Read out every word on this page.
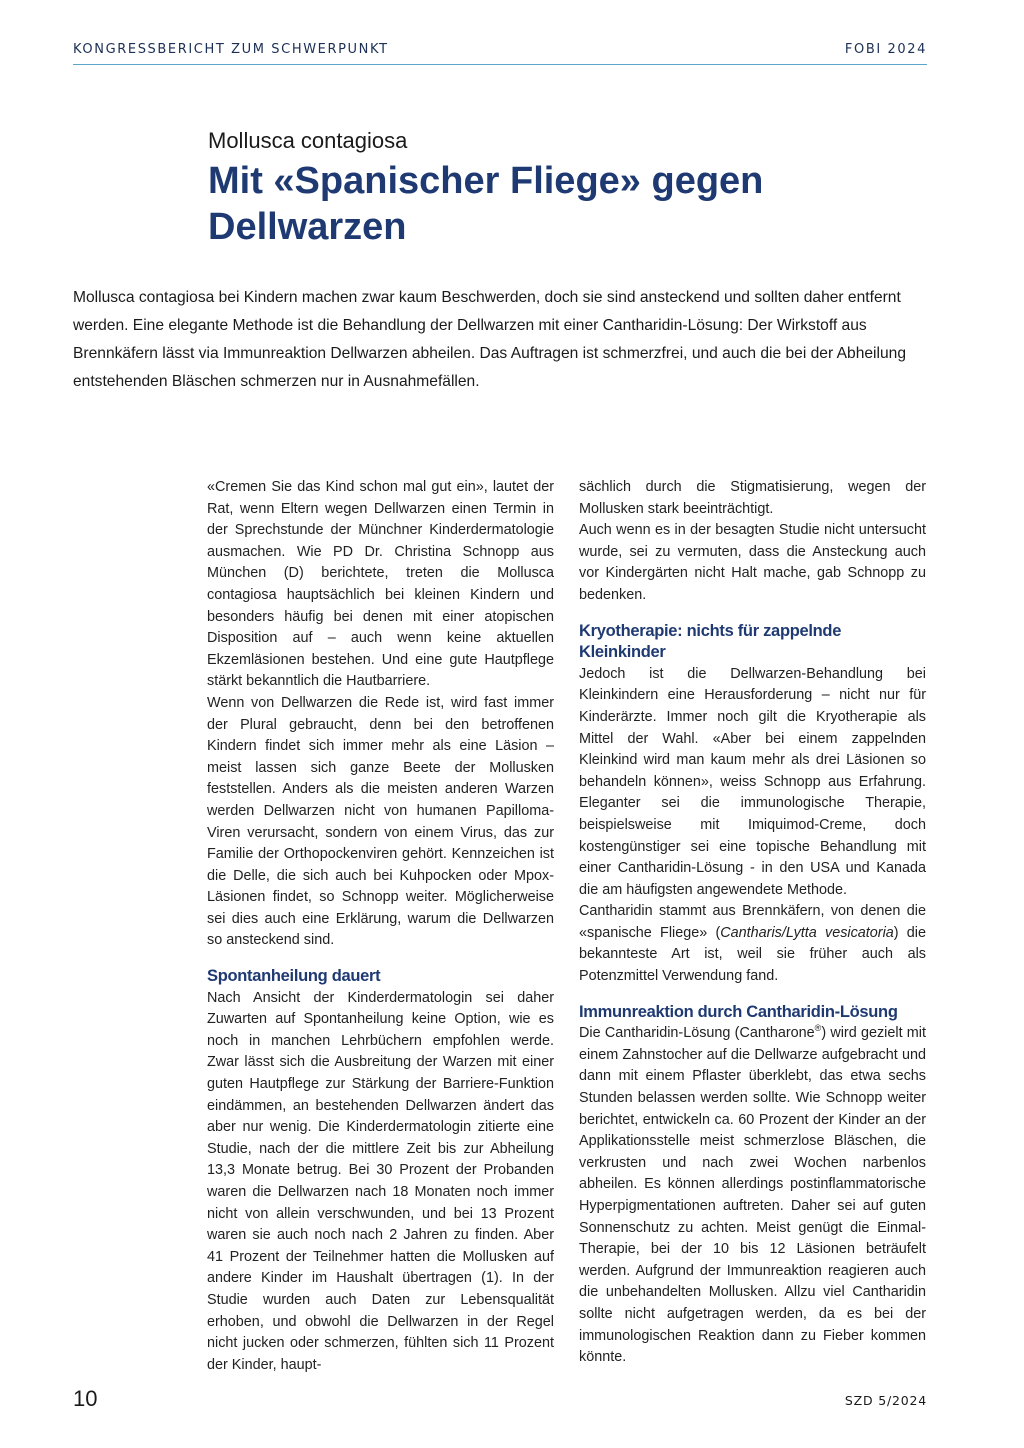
KONGRESSBERICHT ZUM SCHWERPUNKT	FOBI 2024
Mollusca contagiosa
Mit «Spanischer Fliege» gegen Dellwarzen
Mollusca contagiosa bei Kindern machen zwar kaum Beschwerden, doch sie sind ansteckend und sollten daher entfernt werden. Eine elegante Methode ist die Behandlung der Dellwarzen mit einer Cantharidin-Lösung: Der Wirkstoff aus Brennkäfern lässt via Immunreaktion Dellwarzen abheilen. Das Auftragen ist schmerzfrei, und auch die bei der Abheilung entstehenden Bläschen schmerzen nur in Ausnahmefällen.

«Cremen Sie das Kind schon mal gut ein», lautet der Rat, wenn Eltern wegen Dellwarzen einen Termin in der Sprechstunde der Münchner Kinderdermatologie ausmachen. Wie PD Dr. Christina Schnopp aus München (D) berichtete, treten die Mollusca contagiosa hauptsächlich bei kleinen Kindern und besonders häufig bei denen mit einer atopischen Disposition auf – auch wenn keine aktuellen Ekzemläsionen bestehen. Und eine gute Hautpflege stärkt bekanntlich die Hautbarriere.

Wenn von Dellwarzen die Rede ist, wird fast immer der Plural gebraucht, denn bei den betroffenen Kindern findet sich immer mehr als eine Läsion – meist lassen sich ganze Beete der Mollusken feststellen. Anders als die meisten anderen Warzen werden Dellwarzen nicht von humanen Papilloma-Viren verursacht, sondern von einem Virus, das zur Familie der Orthopockenviren gehört. Kennzeichen ist die Delle, die sich auch bei Kuhpocken oder Mpox-Läsionen findet, so Schnopp weiter. Möglicherweise sei dies auch eine Erklärung, warum die Dellwarzen so ansteckend sind.

Spontanheilung dauert

Nach Ansicht der Kinderdermatologin sei daher Zuwarten auf Spontanheilung keine Option, wie es noch in manchen Lehrbüchern empfohlen werde. Zwar lässt sich die Ausbreitung der Warzen mit einer guten Hautpflege zur Stärkung der Barriere-Funktion eindämmen, an bestehenden Dellwarzen ändert das aber nur wenig. Die Kinderdermatologin zitierte eine Studie, nach der die mittlere Zeit bis zur Abheilung 13,3 Monate betrug. Bei 30 Prozent der Probanden waren die Dellwarzen nach 18 Monaten noch immer nicht von allein verschwunden, und bei 13 Prozent waren sie auch noch nach 2 Jahren zu finden. Aber 41 Prozent der Teilnehmer hatten die Mollusken auf andere Kinder im Haushalt übertragen (1). In der Studie wurden auch Daten zur Lebensqualität erhoben, und obwohl die Dellwarzen in der Regel nicht jucken oder schmerzen, fühlten sich 11 Prozent der Kinder, haupt-

sächlich durch die Stigmatisierung, wegen der Mollusken stark beeinträchtigt.

Auch wenn es in der besagten Studie nicht untersucht wurde, sei zu vermuten, dass die Ansteckung auch vor Kindergärten nicht Halt mache, gab Schnopp zu bedenken.

Kryotherapie: nichts für zappelnde Kleinkinder

Jedoch ist die Dellwarzen-Behandlung bei Kleinkindern eine Herausforderung – nicht nur für Kinderärzte. Immer noch gilt die Kryotherapie als Mittel der Wahl. «Aber bei einem zappelnden Kleinkind wird man kaum mehr als drei Läsionen so behandeln können», weiss Schnopp aus Erfahrung. Eleganter sei die immunologische Therapie, beispielsweise mit Imiquimod-Creme, doch kostengünstiger sei eine topische Behandlung mit einer Cantharidin-Lösung - in den USA und Kanada die am häufigsten angewendete Methode.

Cantharidin stammt aus Brennkäfern, von denen die «spanische Fliege» (Cantharis/Lytta vesicatoria) die bekannteste Art ist, weil sie früher auch als Potenzmittel Verwendung fand.

Immunreaktion durch Cantharidin-Lösung

Die Cantharidin-Lösung (Cantharone®) wird gezielt mit einem Zahnstocher auf die Dellwarze aufgebracht und dann mit einem Pflaster überklebt, das etwa sechs Stunden belassen werden sollte. Wie Schnopp weiter berichtet, entwickeln ca. 60 Prozent der Kinder an der Applikationsstelle meist schmerzlose Bläschen, die verkrusten und nach zwei Wochen narbenlos abheilen. Es können allerdings postinflammatorische Hyperpigmentationen auftreten. Daher sei auf guten Sonnenschutz zu achten. Meist genügt die Einmal-Therapie, bei der 10 bis 12 Läsionen beträufelt werden. Aufgrund der Immunreaktion reagieren auch die unbehandelten Mollusken. Allzu viel Cantharidin sollte nicht aufgetragen werden, da es bei der immunologischen Reaktion dann zu Fieber kommen könnte.

10	SZD 5/2024
